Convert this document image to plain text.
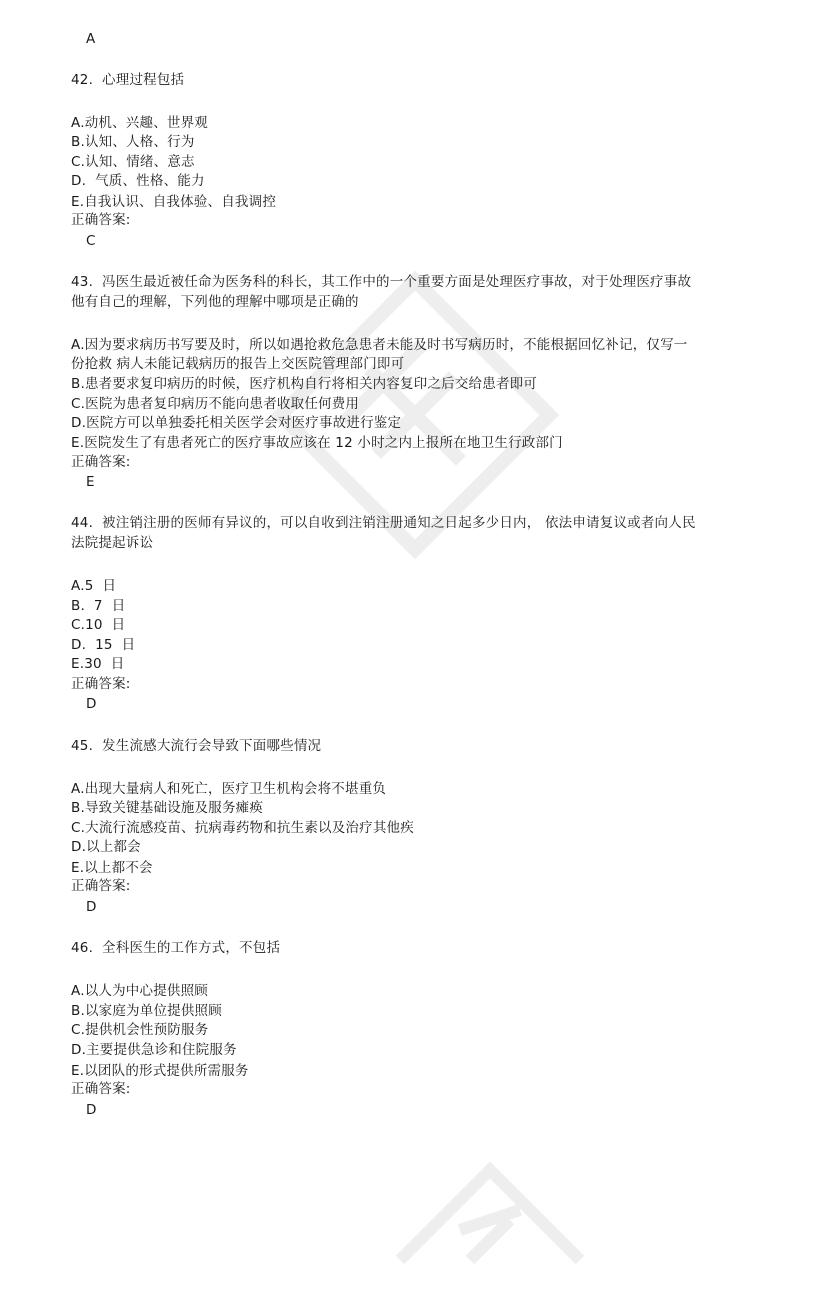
A
42.  心理过程包括
A.动机、兴趣、世界观
B.认知、人格、行为
C.认知、情绪、意志
D.  气质、性格、能力
E.自我认识、自我体验、自我调控
正确答案:
C
43.  冯医生最近被任命为医务科的科长，其工作中的一个重要方面是处理医疗事故，对于处理医疗事故
他有自己的理解，下列他的理解中哪项是正确的
A.因为要求病历书写要及时，所以如遇抢救危急患者未能及时书写病历时，不能根据回忆补记，仅写一
份抢救 病人未能记载病历的报告上交医院管理部门即可
B.患者要求复印病历的时候，医疗机构自行将相关内容复印之后交给患者即可
C.医院为患者复印病历不能向患者收取任何费用
D.医院方可以单独委托相关医学会对医疗事故进行鉴定
E.医院发生了有患者死亡的医疗事故应该在 12 小时之内上报所在地卫生行政部门
正确答案:
E
44.  被注销注册的医师有异议的，可以自收到注销注册通知之日起多少日内， 依法申请复议或者向人民
法院提起诉讼
A.5  日
B.  7  日
C.10  日
D.  15  日
E.30  日
正确答案:
D
45.  发生流感大流行会导致下面哪些情况
A.出现大量病人和死亡，医疗卫生机构会将不堪重负
B.导致关键基础设施及服务瘫痪
C.大流行流感疫苗、抗病毒药物和抗生素以及治疗其他疾
D.以上都会
E.以上都不会
正确答案:
D
46.  全科医生的工作方式，不包括
A.以人为中心提供照顾
B.以家庭为单位提供照顾
C.提供机会性预防服务
D.主要提供急诊和住院服务
E.以团队的形式提供所需服务
正确答案:
D
